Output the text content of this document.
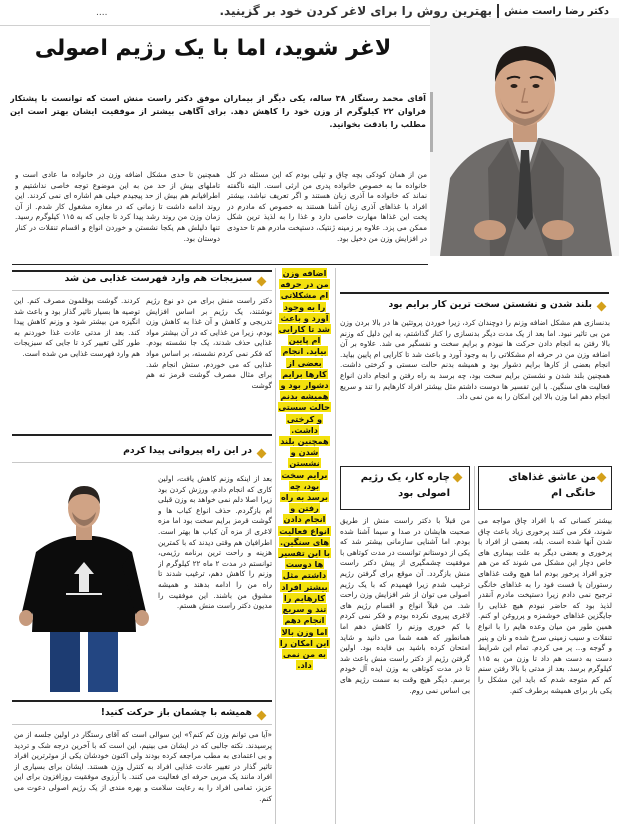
بهترین روش را برای لاغر کردن خود بر گزینید.
....	دکتر رضا راست منش
لاغر شوید، اما با یک رژیم اصولی
آقای محمد رستگار ۳۸ ساله، یکی دیگر از بیماران موفق دکتر راست منش است که توانست با پشتکار فراوان ۲۲ کیلوگرم از وزن خود را کاهش دهد. برای آگاهی بیشتر از موفقیت ایشان بهتر است این مطلب را بادقت بخوانید.
من از همان کودکی بچه چاق و تپلی بودم که این مسئله در کل خانواده ما به خصوص خانواده پدری من ارثی است. البته ناگفته نماند که خانواده ما آذری زبان هستند و اگر تعریف نباشد، بیشتر افراد با غذاهای آذری زبان آشنا هستند به خصوص که مادرم در پخت این غذاها مهارت خاصی دارد و غذا را به لذیذ ترین شکل ممکن می پزد. علاوه بر زمینه ژنتیک، دستپخت مادرم هم تا حدودی در افزایش وزن من دخیل بود.
همچنین تا حدی مشکل اضافه وزن در خانواده ما عادی است و تاملهای بیش از حد من به این موضوع توجه خاصی نداشتیم و اطرافیانم هم بیش از حد پیجیدم خیلی هم اشاره ای نمی کردند. این روند ادامه داشت تا زمانی که در مغازه مشغول کار شدم. از آن زمان وزن من روند رشد پیدا کرد تا جایی که به ۱۱۵ کیلوگرم رسید. تنها دلیلش هم یکجا نشستن و خوردن انواع و اقسام تنقلات در کنار دوستان بود.
بلند شدن و نشستن سخت ترین کار برایم بود
بدنسازی هم مشکل اضافه وزنم را دوچندان کرد، زیرا خوردن پروتئین ها در بالا بردن وزن من بی تاثیر نبود. اما بعد از یک مدت دیگر بدنسازی را کنار گذاشتم، به این دلیل که وزنم بالا رفتن به انجام دادن حرکت ها نبودم و برایم سخت و نفسگیر می شد. علاوه بر آن اضافه وزن من در حرفه ام مشکلاتی را به وجود آورد و باعث شد تا کارایی ام پایین بیاید. انجام بعضی از کارها برایم دشوار بود و همیشه بدنم حالت سستی و کرختی داشت. همچنین بلند شدن و نشستن برایم سخت بود، چه برسد به راه رفتن و انجام دادن انواع فعالیت های سنگین. با این تفسیر ها دوست داشتم مثل بیشتر افراد کارهایم را تند و سریع انجام دهم اما وزن بالا این امکان را به من نمی داد.
من عاشق غذاهای خانگی ام
بیشتر کسانی که با افراد چاق مواجه می شوند، فکر می کنند پرخوری زیاد باعث چاق شدن آنها شده است. بله، بعضی از افراد با پرخوری و بعضی دیگر به علت بیماری های خاص دچار این مشکل می شوند که من هم جزو افراد پرخور بودم اما هیچ وقت غذاهای رستوران یا فست فود را به غذاهای خانگی ترجیح نمی دادم زیرا دستپخت مادرم آنقدر لذیذ بود که حاضر نبودم هیچ غذایی را جایگزین غذاهای خوشمزه و پرروغن او کنم. همین طور من میان وعده هایم را با انواع تنقلات و سیب زمینی سرخ شده و نان و پنیر و گوجه و... پر می کردم. تمام این شرایط دست به دست هم داد تا وزن من به ۱۱۵ کیلوگرم برسد. بعد از مدتی با بالا رفتن سنم کم کم متوجه شدم که باید این مشکل را یکی بار برای همیشه برطرف کنم.
چاره کار، یک رژیم اصولی بود
من قبلاً با دکتر راست منش از طریق صحبت هایشان در صدا و سیما آشنا شده بودم. اما آشنایی سازمانی بیشتر شد که یکی از دوستانم توانست در مدت کوتاهی با موفقیت چشمگیری از پیش دکتر راست منش بازگردد. آن موقع برای گرفتن رژیم ترغیب شدم زیرا فهمیدم که با یک رژیم اصولی می توان از شر افزایش وزن راحت شد. من قبلاً انواع و اقسام رژیم های لاغری پیروی نکرده بودم و فکر نمی کردم با کم خوری وزنم را کاهش دهم اما همانطور که همه شما می دانید و شاید امتحان کرده باشید بی فایده بود. اولین گرفتن رژیم از دکتر راست منش باعث شد تا در مدت کوتاهی به وزن ایده آل خودم برسم. دیگر هیچ وقت به سمت رژیم های بی اساس نمی روم.
اضافه وزن من در حرفه ام مشکلاتی را به وجود آورد و باعث شد تا کارایی ام پایین بیاید. انجام بعضی از کارها برایم دشوار بود و همیشه بدنم حالت سستی و کرختی داشت. همچنین بلند شدن و نشستن برایم سخت بود، چه برسد به راه رفتن و انجام دادن انواع فعالیت های سنگین. با این تفسیر ها دوست داشتم مثل بیشتر افراد کارهایم را تند و سریع انجام دهم اما وزن بالا این امکان را به من نمی داد.
سبزیجات هم وارد فهرست غذایی من شد
دکتر راست منش برای من دو نوع رژیم نوشتند، یک رژیم بر اساس افزایش تدریجی و کاهش و آن غذا به کاهش وزن بودم، زیرا من غذایی که در آن بیشتر مواد غذایی حذف شدند، یک جا نشسته بودم. که فکر نمی کردم نشسته، بر اساس مواد غذایی که می خوردم، ستش انجام شد. برای مثال مصرف گوشت قرمز نه هم گوشت
کردند. گوشت بوقلمون مصرف کنم. این توصیه ها بسیار تاثیر گذار بود و باعث شد انگیزه من بیشتر شود و وزنم کاهش پیدا کند. بعد از مدتی عادت غذا خوردنم به طور کلی تغییر کرد تا جایی که سبزیجات هم وارد فهرست غذایی من شده است.
در این راه پیروانی پیدا کردم
بعد از اینکه وزنم کاهش یافت، اولین کاری که انجام دادم، ورزش کردن بود زیرا اصلا دلم نمی خواهد به وزن قبلی ام بازگردم. حذف انواع کباب ها و گوشت قرمز برایم سخت بود اما مزه لاغری از مزه آن کباب ها بهتر است. اطرافیان هم وقتی دیدند که با کمترین هزینه و راحت ترین برنامه رژیمی، توانستم در مدت ۲ ماه ۲۲ کیلوگرم از وزنم را کاهش دهم، ترغیب شدند تا راه من را ادامه بدهند و همیشه مشوق من باشند. این موفقیت را مدیون دکتر راست منش هستم.
همیشه با چشمان باز حرکت کنید!
«آیا می توانم وزن کم کنم؟» این سوالی است که آقای رستگار در اولین جلسه از من پرسیدند. نکته جالبی که در ایشان می بینیم، این است که با آخرین درجه شک و تردید و بی اعتمادی به مطب مراجعه کرده بودند ولی اکنون خودشان یکی از موثرترین افراد تاثیر گذار در تغییر عادت غذایی افراد به کنترل وزن هستند. ایشان برای بسیاری از افراد مانند یک مربی حرفه ای فعالیت می کنند. با آرزوی موفقیت روزافزون برای این عزیز، تمامی افراد را به رعایت سلامت و بهره مندی از یک رژیم اصولی دعوت می کنم.
